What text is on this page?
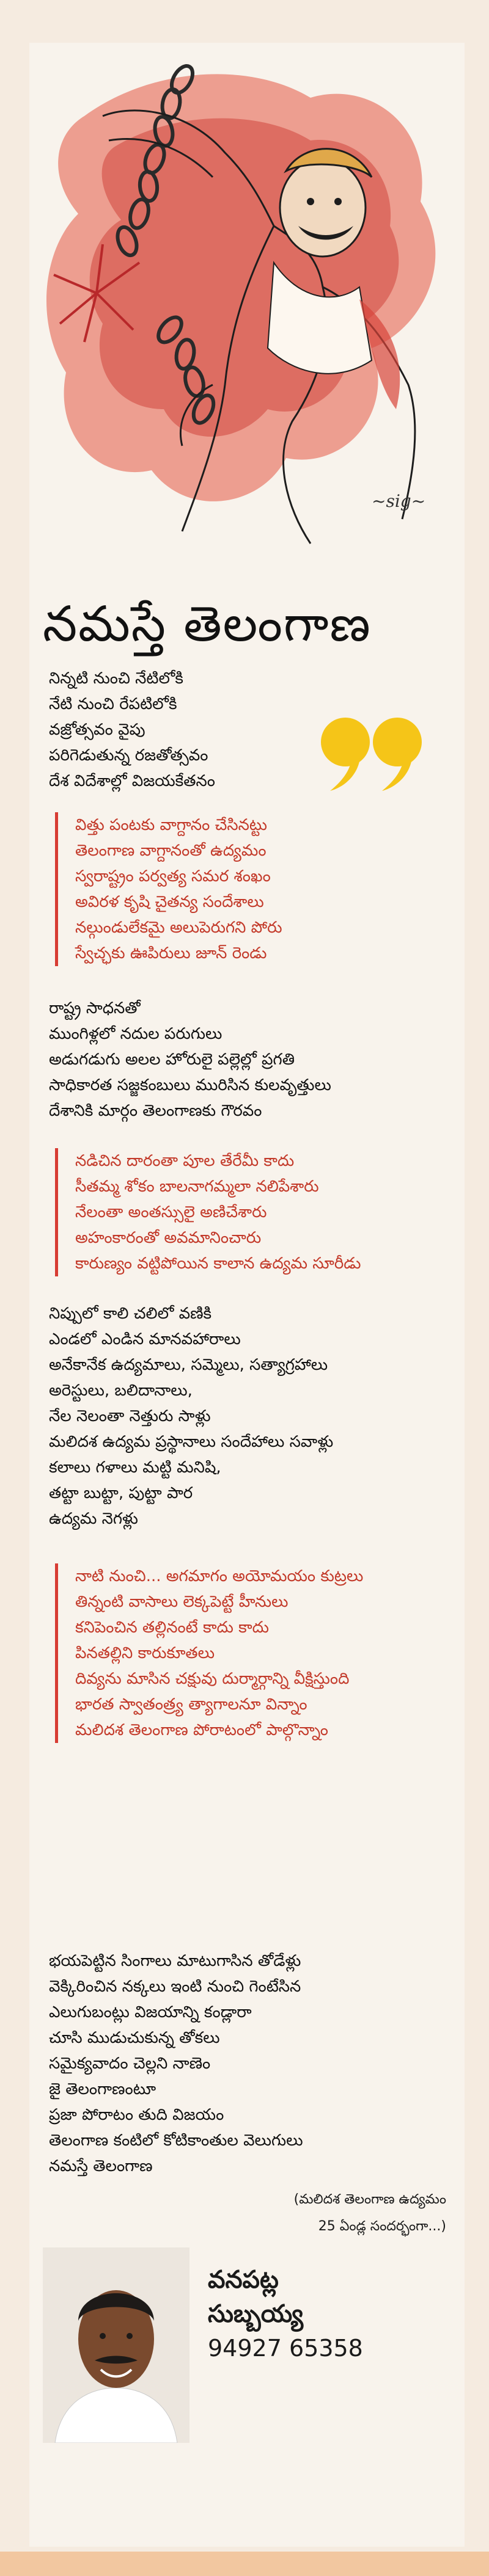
~sig~
నమస్తే తెలంగాణ

నిన్నటి నుంచి నేటిలోకి

నేటి నుంచి రేపటిలోకి

వజ్రోత్సవం వైపు

పరిగెడుతున్న రజతోత్సవం

దేశ విదేశాల్లో విజయకేతనం

విత్తు పంటకు వాగ్దానం చేసినట్టు

తెలంగాణ వాగ్దానంతో ఉద్యమం

స్వరాష్ట్రం పర్వత్య సమర శంఖం

అవిరళ కృషి చైతన్య సందేశాలు

నల్గుండులేకమై అలుపెరుగని పోరు

స్వేచ్ఛకు ఊపిరులు జూన్ రెండు

రాష్ట్ర సాధనతో

ముంగిళ్లలో నదుల పరుగులు

అడుగడుగు అలల హోరులై పల్లెల్లో ప్రగతి

సాధికారత సజ్జకంబులు మురిసిన కులవృత్తులు

దేశానికి మార్గం తెలంగాణకు గౌరవం

నడిచిన దారంతా పూల తేరేమీ కాదు

సీతమ్మ శోకం బాలనాగమ్మలా నలిపేశారు

నేలంతా అంతస్సులై అణిచేశారు

అహంకారంతో అవమానించారు

కారుణ్యం వట్టిపోయిన కాలాన ఉద్యమ సూరీడు

నిప్పులో కాలి చలిలో వణికి

ఎండలో ఎండిన మానవహారాలు

అనేకానేక ఉద్యమాలు, సమ్మెలు, సత్యాగ్రహాలు

అరెస్టులు, బలిదానాలు,

నేల నెలంతా నెత్తురు సాళ్లు

మలిదశ ఉద్యమ ప్రస్థానాలు సందేహాలు సవాళ్లు

కలాలు గళాలు మట్టి మనిషి,

తట్టా బుట్టా, పుట్టా పార

ఉద్యమ నెగళ్లు

నాటి నుంచి... అగమాగం అయోమయం కుట్రలు

తిన్నంటి వాసాలు లెక్కపెట్టే హీనులు

కనిపెంచిన తల్లినంటే కాదు కాదు

పినతల్లిని కారుకూతలు

దివ్యను మాసిన చక్షువు దుర్మార్గాన్ని వీక్షిస్తుంది

భారత స్వాతంత్ర్య త్యాగాలనూ విన్నాం

మలిదశ తెలంగాణ పోరాటంలో పాల్గొన్నాం

భయపెట్టిన సింగాలు మాటుగాసిన తోడేళ్లు

వెక్కిరించిన నక్కలు ఇంటి నుంచి గెంటేసిన

ఎలుగుబంట్లు విజయాన్ని కండ్లారా

చూసి ముడుచుకున్న తోకలు

సమైక్యవాదం చెల్లని నాణెం

జై తెలంగాణంటూ

ప్రజా పోరాటం తుది విజయం

తెలంగాణ కంటిలో కోటికాంతుల వెలుగులు

నమస్తే తెలంగాణ

(మలిదశ తెలంగాణ ఉద్యమం

25 ఏండ్ల సందర్భంగా...)

వనపట్ల

సుబ్బయ్య

94927 65358
